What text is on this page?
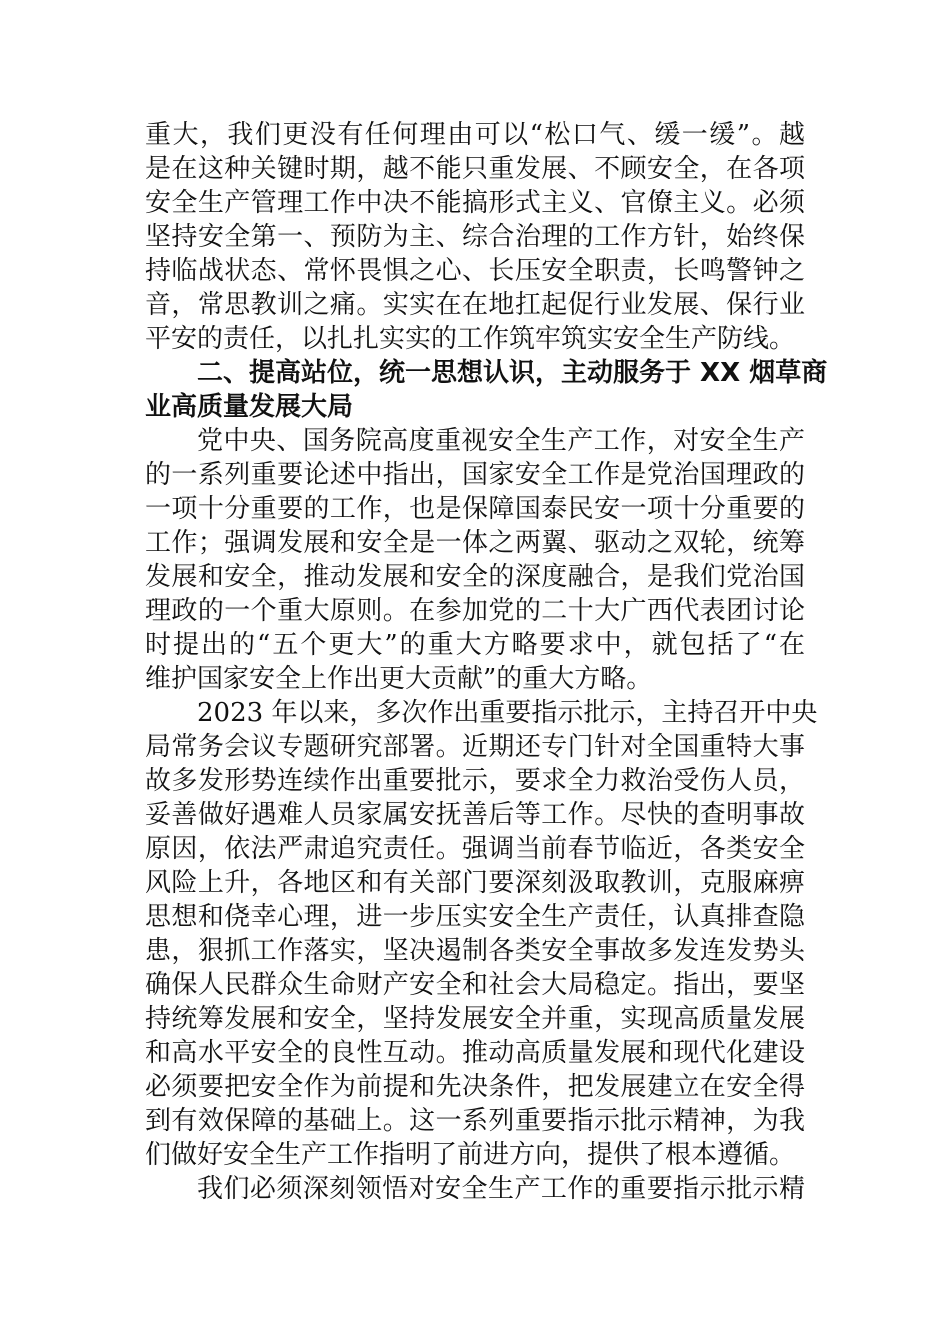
重大，我们更没有任何理由可以“松口气、缓一缓”。越
是在这种关键时期，越不能只重发展、不顾安全，在各项
安全生产管理工作中决不能搞形式主义、官僚主义。必须
坚持安全第一、预防为主、综合治理的工作方针，始终保
持临战状态、常怀畏惧之心、长压安全职责，长鸣警钟之
音，常思教训之痛。实实在在地扛起促行业发展、保行业
平安的责任，以扎扎实实的工作筑牢筑实安全生产防线。
二、提高站位，统一思想认识，主动服务于 XX 烟草商
业高质量发展大局
党中央、国务院高度重视安全生产工作，对安全生产
的一系列重要论述中指出，国家安全工作是党治国理政的
一项十分重要的工作，也是保障国泰民安一项十分重要的
工作；强调发展和安全是一体之两翼、驱动之双轮，统筹
发展和安全，推动发展和安全的深度融合，是我们党治国
理政的一个重大原则。在参加党的二十大广西代表团讨论
时提出的“五个更大”的重大方略要求中，就包括了“在
维护国家安全上作出更大贡献”的重大方略。
2023 年以来，多次作出重要指示批示，主持召开中央
局常务会议专题研究部署。近期还专门针对全国重特大事
故多发形势连续作出重要批示，要求全力救治受伤人员，
妥善做好遇难人员家属安抚善后等工作。尽快的查明事故
原因，依法严肃追究责任。强调当前春节临近，各类安全
风险上升，各地区和有关部门要深刻汲取教训，克服麻痹
思想和侥幸心理，进一步压实安全生产责任，认真排查隐
患，狠抓工作落实，坚决遏制各类安全事故多发连发势头
确保人民群众生命财产安全和社会大局稳定。指出，要坚
持统筹发展和安全，坚持发展安全并重，实现高质量发展
和高水平安全的良性互动。推动高质量发展和现代化建设
必须要把安全作为前提和先决条件，把发展建立在安全得
到有效保障的基础上。这一系列重要指示批示精神，为我
们做好安全生产工作指明了前进方向，提供了根本遵循。
我们必须深刻领悟对安全生产工作的重要指示批示精
